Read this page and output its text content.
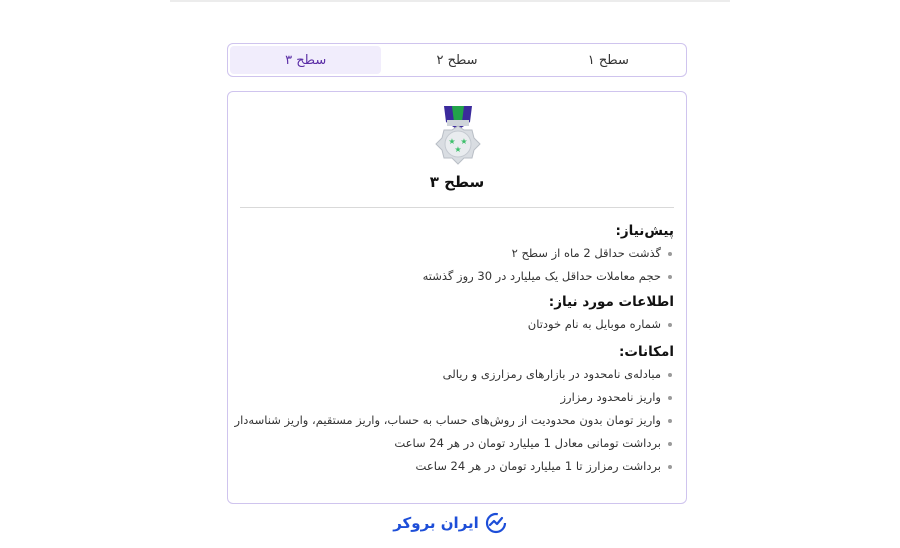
سطح ۱
سطح ۲
سطح ۳
★ ★
★
سطح ۳
پیش‌نیاز:
گذشت حداقل 2 ماه از سطح ۲
حجم معاملات حداقل یک میلیارد در 30 روز گذشته
اطلاعات مورد نیاز:
شماره موبایل به نام خودتان
امکانات:
مبادله‌ی نامحدود در بازارهای رمزارزی و ریالی
واریز نامحدود رمزارز
واریز تومان بدون محدودیت از روش‌های حساب به حساب، واریز مستقیم، واریز شناسه‌دار
برداشت تومانی معادل 1 میلیارد تومان در هر 24 ساعت
برداشت رمزارز تا 1 میلیارد تومان در هر 24 ساعت
ایران بروکر
